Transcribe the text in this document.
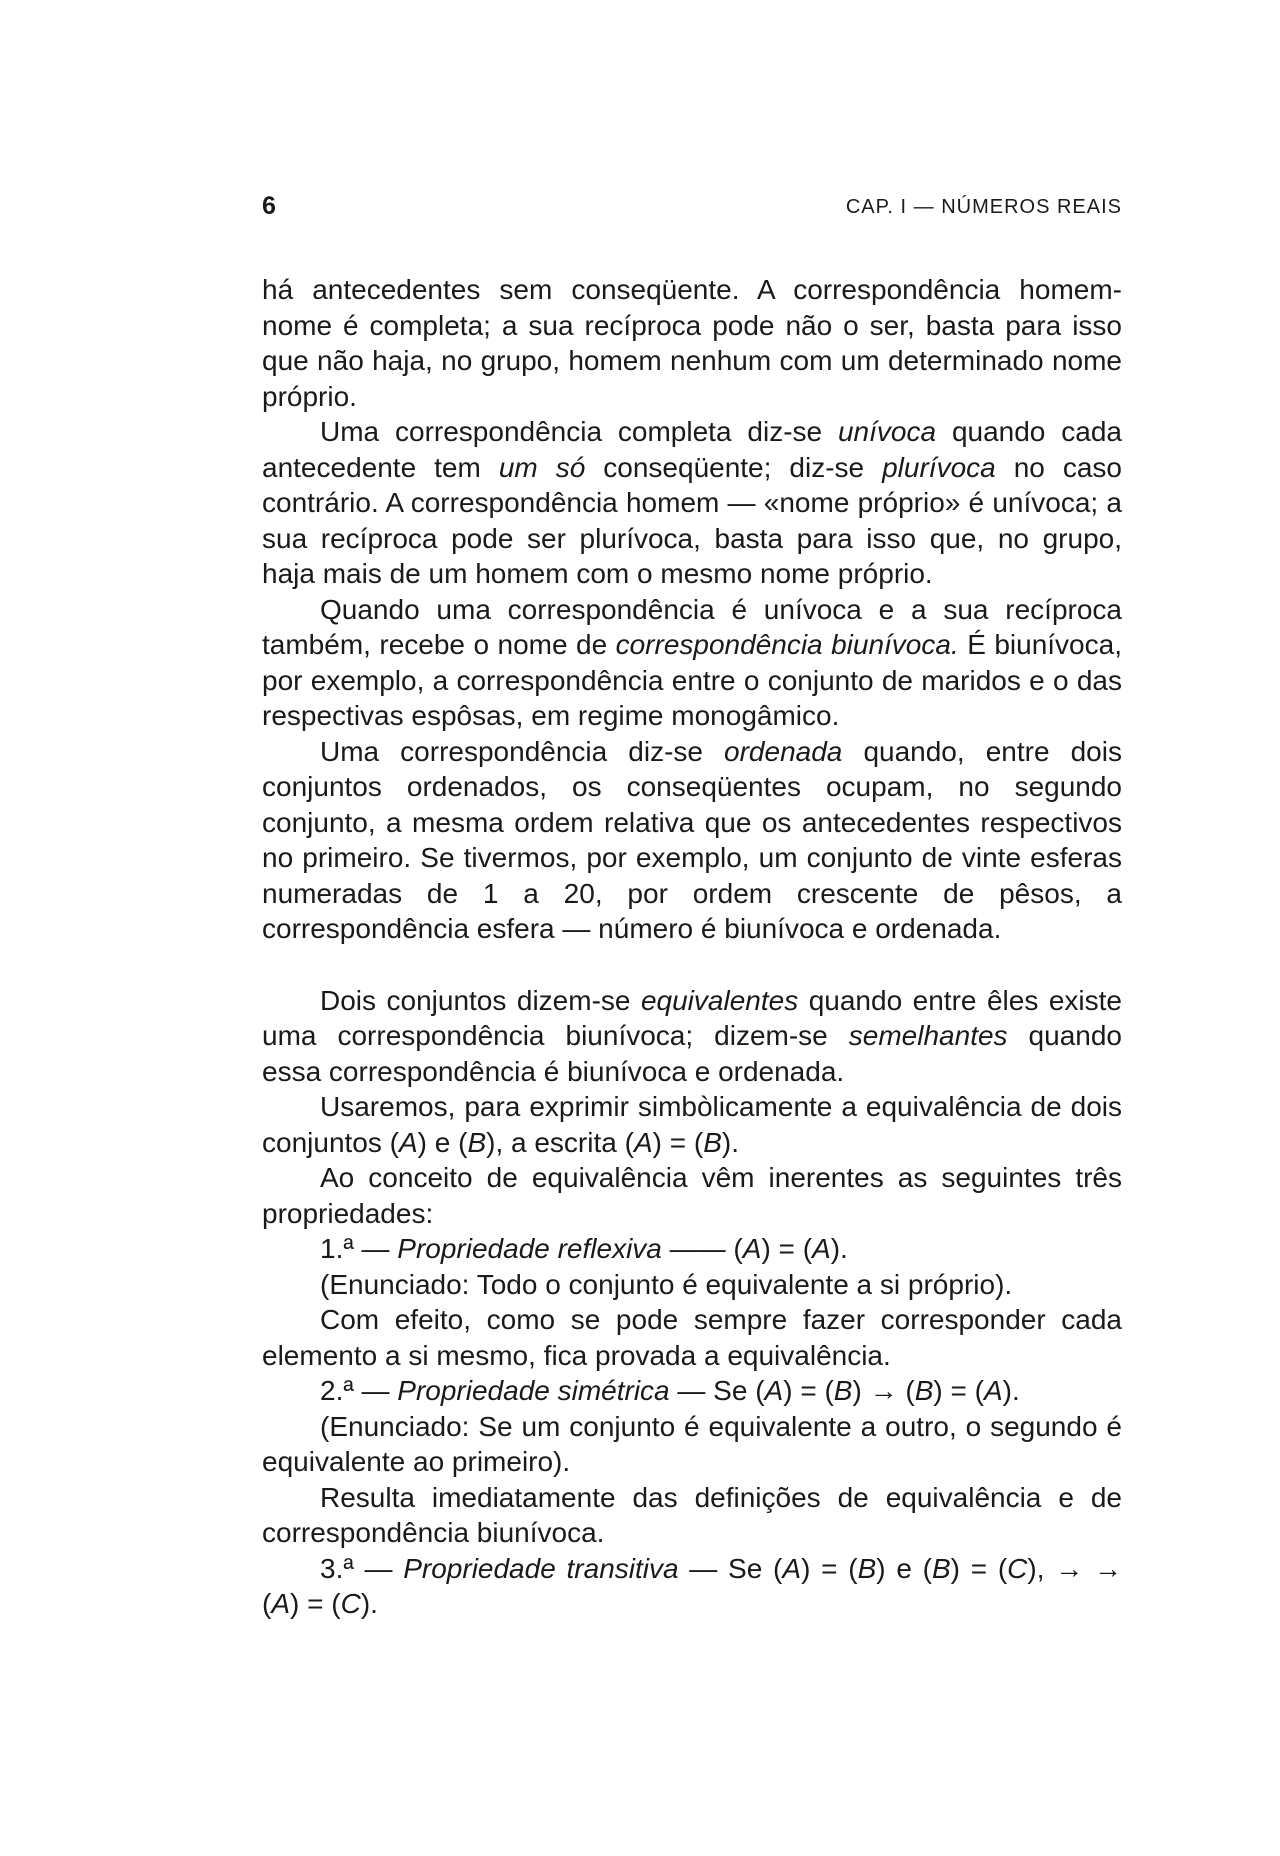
6	CAP. I — NÚMEROS REAIS

há antecedentes sem conseqüente. A correspondência homem-nome é completa; a sua recíproca pode não o ser, basta para isso que não haja, no grupo, homem nenhum com um determinado nome próprio.

Uma correspondência completa diz-se unívoca quando cada antecedente tem um só conseqüente; diz-se plurívoca no caso contrário. A correspondência homem — «nome próprio» é unívoca; a sua recíproca pode ser plurívoca, basta para isso que, no grupo, haja mais de um homem com o mesmo nome próprio.

Quando uma correspondência é unívoca e a sua recíproca também, recebe o nome de correspondência biunívoca. É biunívoca, por exemplo, a correspondência entre o conjunto de maridos e o das respectivas espôsas, em regime monogâmico.

Uma correspondência diz-se ordenada quando, entre dois conjuntos ordenados, os conseqüentes ocupam, no segundo conjunto, a mesma ordem relativa que os antecedentes respectivos no primeiro. Se tivermos, por exemplo, um conjunto de vinte esferas numeradas de 1 a 20, por ordem crescente de pêsos, a correspondência esfera — número é biunívoca e ordenada.

Dois conjuntos dizem-se equivalentes quando entre êles existe uma correspondência biunívoca; dizem-se semelhantes quando essa correspondência é biunívoca e ordenada.

Usaremos, para exprimir simbòlicamente a equivalência de dois conjuntos (A) e (B), a escrita (A) = (B).

Ao conceito de equivalência vêm inerentes as seguintes três propriedades:

1.ª — Propriedade reflexiva —— (A) = (A).

(Enunciado: Todo o conjunto é equivalente a si próprio).

Com efeito, como se pode sempre fazer corresponder cada elemento a si mesmo, fica provada a equivalência.

2.ª — Propriedade simétrica — Se (A) = (B) → (B) = (A).

(Enunciado: Se um conjunto é equivalente a outro, o segundo é equivalente ao primeiro).

Resulta imediatamente das definições de equivalência e de correspondência biunívoca.

3.ª — Propriedade transitiva — Se (A) = (B) e (B) = (C), → → (A) = (C).
